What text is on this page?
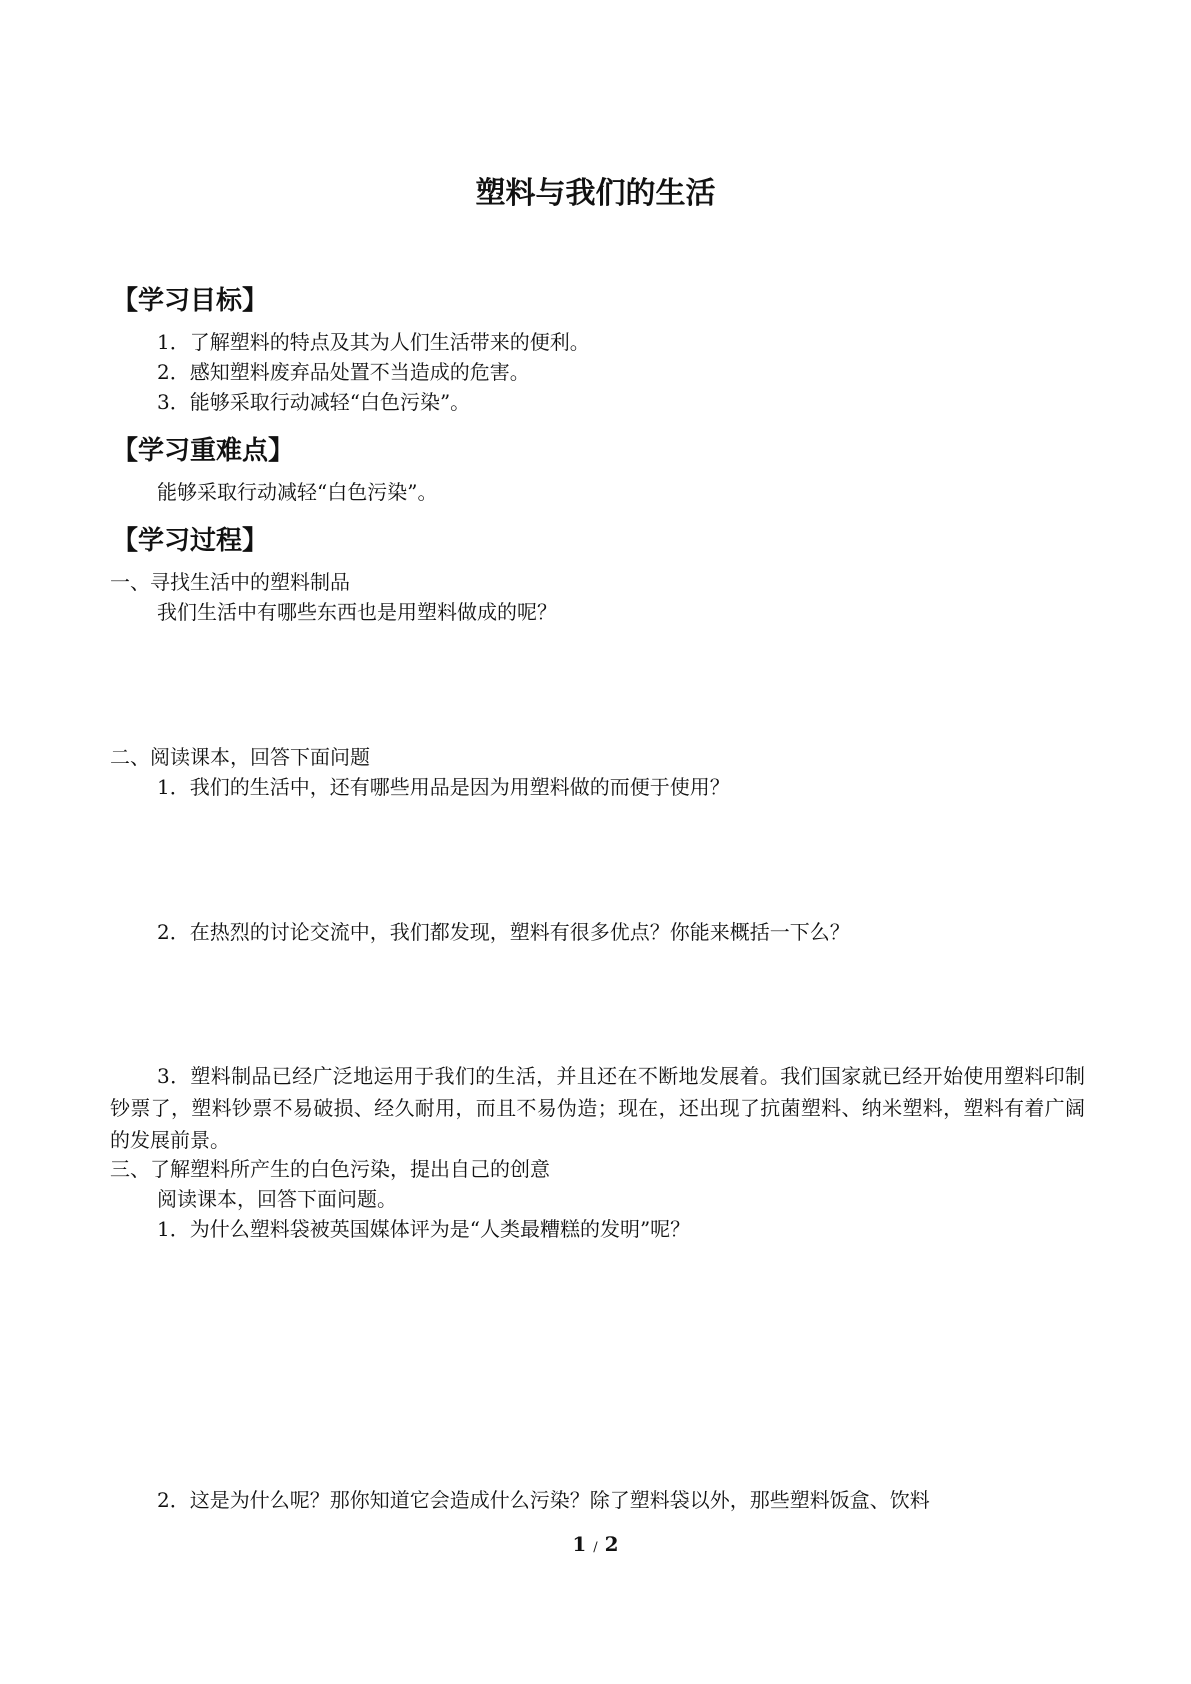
塑料与我们的生活
【学习目标】
1．了解塑料的特点及其为人们生活带来的便利。
2．感知塑料废弃品处置不当造成的危害。
3．能够采取行动减轻“白色污染”。
【学习重难点】
能够采取行动减轻“白色污染”。
【学习过程】
一、寻找生活中的塑料制品
我们生活中有哪些东西也是用塑料做成的呢？
二、阅读课本，回答下面问题
1．我们的生活中，还有哪些用品是因为用塑料做的而便于使用？
2．在热烈的讨论交流中，我们都发现，塑料有很多优点？你能来概括一下么？
3．塑料制品已经广泛地运用于我们的生活，并且还在不断地发展着。我们国家就已经开始使用塑料印制钞票了，塑料钞票不易破损、经久耐用，而且不易伪造；现在，还出现了抗菌塑料、纳米塑料，塑料有着广阔的发展前景。
三、了解塑料所产生的白色污染，提出自己的创意
阅读课本，回答下面问题。
1．为什么塑料袋被英国媒体评为是“人类最糟糕的发明”呢？
2．这是为什么呢？那你知道它会造成什么污染？除了塑料袋以外，那些塑料饭盒、饮料
1 / 2
